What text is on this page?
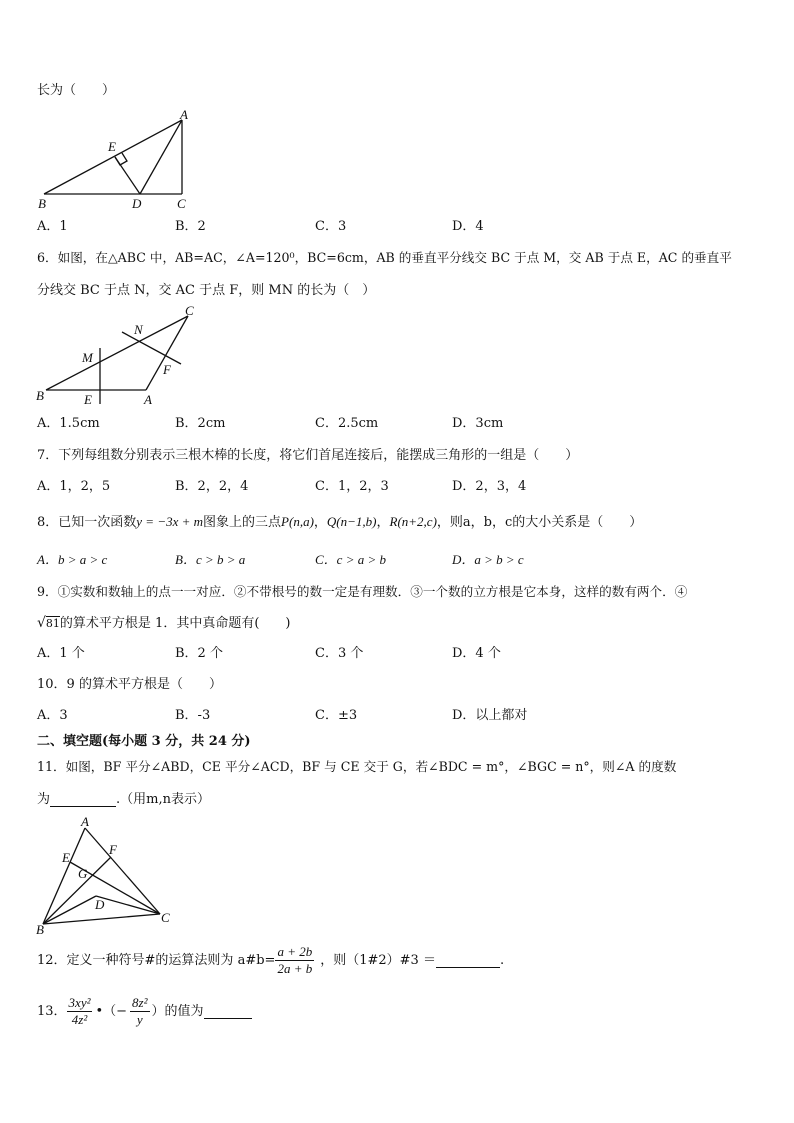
长为（　　）
A
B	C
D
E
A．1	B．2	C．3	D．4
6．如图，在△ABC 中，AB=AC，∠A=120⁰，BC=6cm，AB 的垂直平分线交 BC 于点 M，交 AB 于点 E，AC 的垂直平
分线交 BC 于点 N，交 AC 于点 F，则 MN 的长为（　）
C
B	A
E
M
N
F
A．1.5cm	B．2cm	C．2.5cm	D．3cm
7．下列每组数分别表示三根木棒的长度，将它们首尾连接后，能摆成三角形的一组是（　　）
A．1，2，5	B．2，2，4	C．1，2，3	D．2，3，4
8．已知一次函数y = −3x + m图象上的三点P(n,a)，Q(n−1,b)，R(n+2,c)，则a，b，c的大小关系是（　　）
A．b > a > c	B．c > b > a	C．c > a > b	D．a > b > c
9．①实数和数轴上的点一一对应．②不带根号的数一定是有理数．③一个数的立方根是它本身，这样的数有两个．④
√81的算术平方根是 1．其中真命题有(　　)
A．1 个	B．2 个	C．3 个	D．4 个
10．9 的算术平方根是（　　）
A．3	B．-3	C．±3	D．以上都对
二、填空题(每小题 3 分，共 24 分)
11．如图，BF 平分∠ABD，CE 平分∠ACD，BF 与 CE 交于 G，若∠BDC = m°，∠BGC = n°，则∠A 的度数
为	.（用m,n表示）
A
B
C
D
E
F
G
12．定义一种符号#的运算法则为 a#b= $\frac{a + 2b}{2a + b}$ ，则（1#2）#3 ＝
	.
13． $\frac{\text{3xy²}}{\text{4z²}}$ •（− $\frac{\text{8z²}}{y}$ ）的值为
